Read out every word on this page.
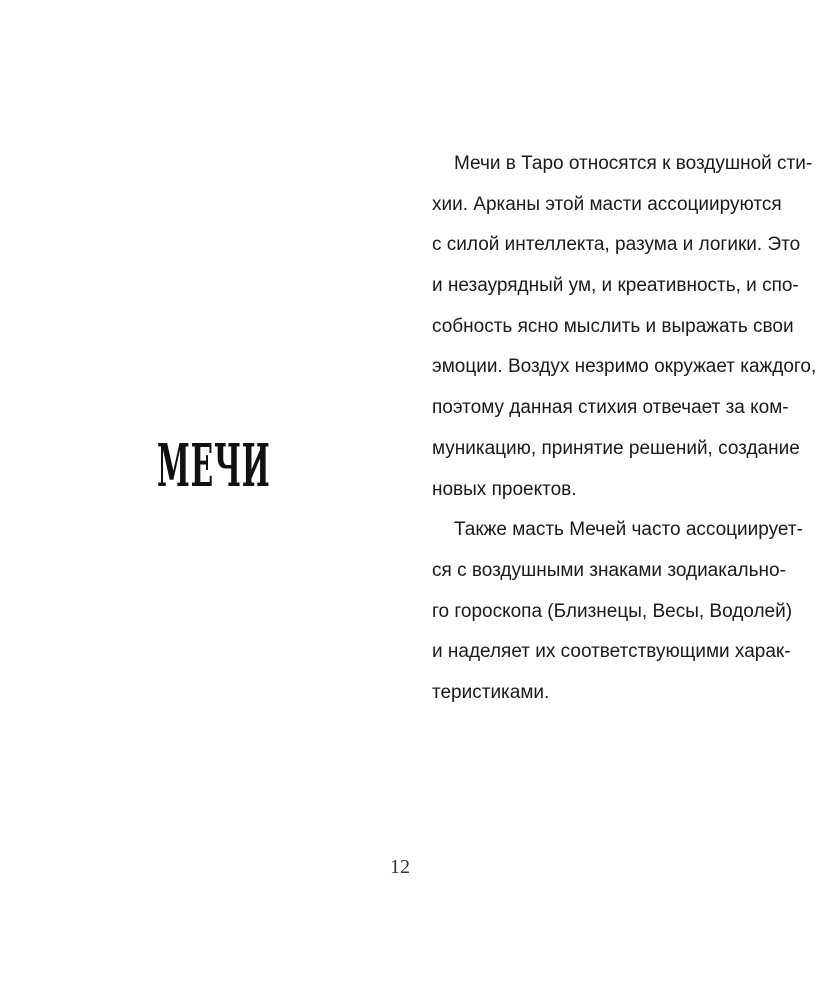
МЕЧИ
Мечи в Таро относятся к воздушной сти-
хии. Арканы этой масти ассоциируются
с силой интеллекта, разума и логики. Это
и незаурядный ум, и креативность, и спо-
собность ясно мыслить и выражать свои
эмоции. Воздух незримо окружает каждого,
поэтому данная стихия отвечает за ком-
муникацию, принятие решений, создание
новых проектов.
Также масть Мечей часто ассоциирует-
ся с воздушными знаками зодиакально-
го гороскопа (Близнецы, Весы, Водолей)
и наделяет их соответствующими харак-
теристиками.
12
